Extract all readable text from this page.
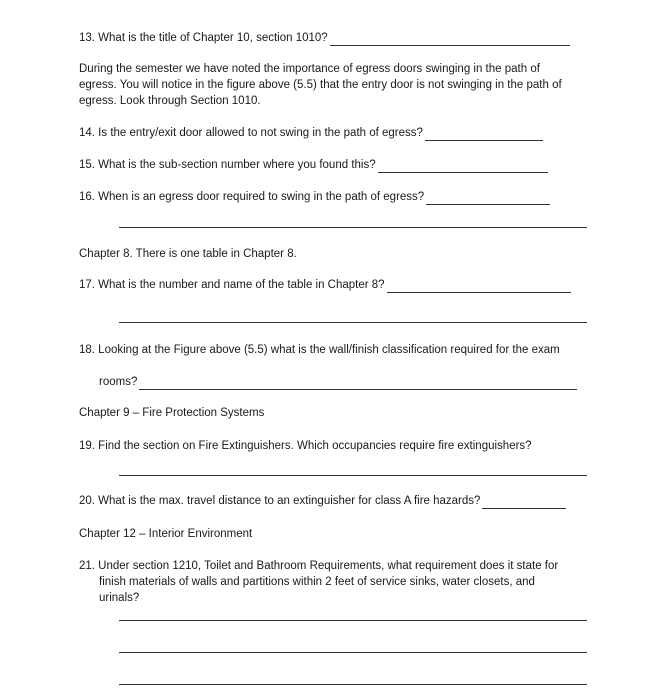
13. What is the title of Chapter 10, section 1010?
During the semester we have noted the importance of egress doors swinging in the path of
egress. You will notice in the figure above (5.5) that the entry door is not swinging in the path of
egress. Look through Section 1010.
14. Is the entry/exit door allowed to not swing in the path of egress?
15. What is the sub-section number where you found this?
16. When is an egress door required to swing in the path of egress?
Chapter 8. There is one table in Chapter 8.
17. What is the number and name of the table in Chapter 8?
18. Looking at the Figure above (5.5) what is the wall/finish classification required for the exam
rooms?
Chapter 9 – Fire Protection Systems
19. Find the section on Fire Extinguishers. Which occupancies require fire extinguishers?
20. What is the max. travel distance to an extinguisher for class A fire hazards?
Chapter 12 – Interior Environment
21. Under section 1210, Toilet and Bathroom Requirements, what requirement does it state for
finish materials of walls and partitions within 2 feet of service sinks, water closets, and
urinals?
